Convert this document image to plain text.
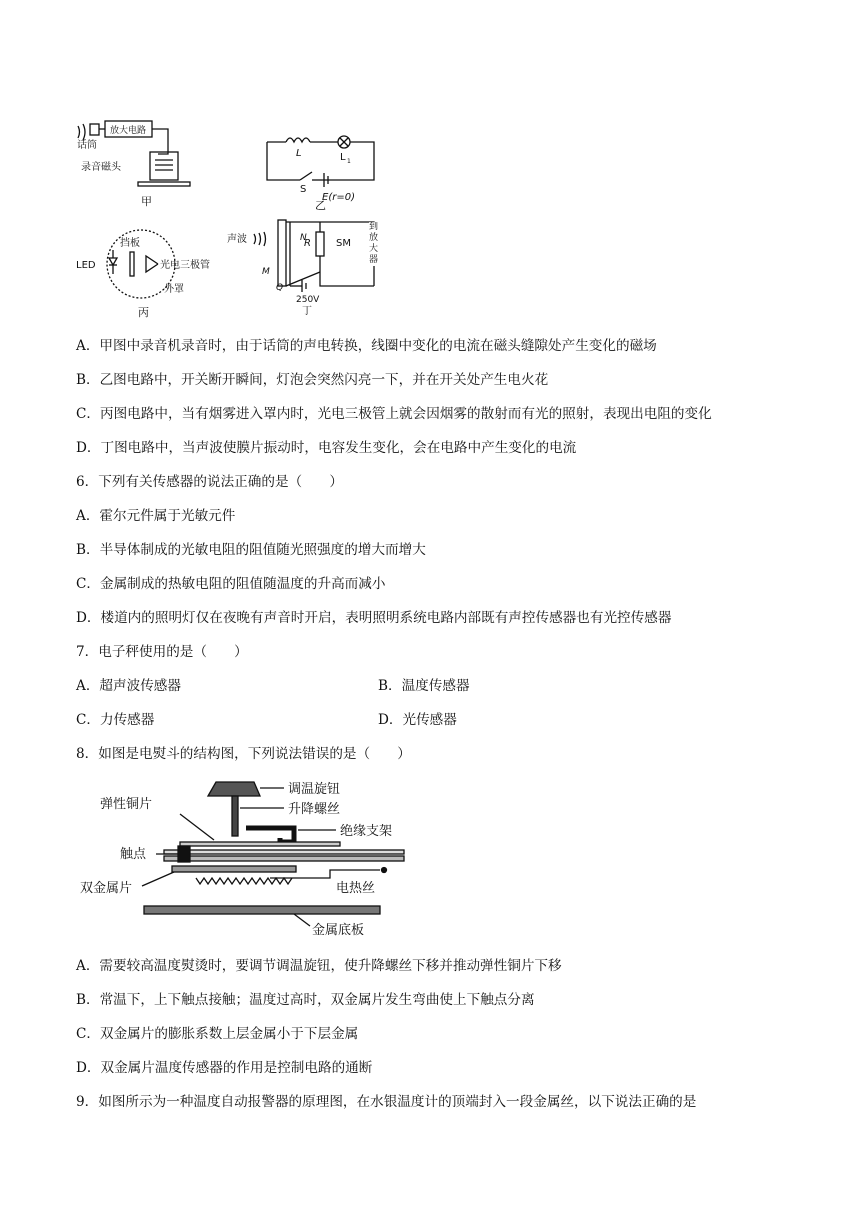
放大电路
话筒
录音磁头
甲
L	L 1
S
E(r=0)
乙
LED
挡板
光电三极管
外罩
丙
声波	R	SM
N
M
Q
250V
丁
到放大器
A．甲图中录音机录音时，由于话筒的声电转换，线圈中变化的电流在磁头缝隙处产生变化的磁场
B．乙图电路中，开关断开瞬间，灯泡会突然闪亮一下，并在开关处产生电火花
C．丙图电路中，当有烟雾进入罩内时，光电三极管上就会因烟雾的散射而有光的照射，表现出电阻的变化
D．丁图电路中，当声波使膜片振动时，电容发生变化，会在电路中产生变化的电流
6．下列有关传感器的说法正确的是（　　）
A．霍尔元件属于光敏元件
B．半导体制成的光敏电阻的阻值随光照强度的增大而增大
C．金属制成的热敏电阻的阻值随温度的升高而减小
D．楼道内的照明灯仅在夜晚有声音时开启，表明照明系统电路内部既有声控传感器也有光控传感器
7．电子秤使用的是（　　）
A．超声波传感器	B．温度传感器
C．力传感器	D．光传感器
8．如图是电熨斗的结构图，下列说法错误的是（　　）
调温旋钮
升降螺丝
绝缘支架
弹性铜片
触点
双金属片	电热丝
金属底板
A．需要较高温度熨烫时，要调节调温旋钮，使升降螺丝下移并推动弹性铜片下移
B．常温下，上下触点接触；温度过高时，双金属片发生弯曲使上下触点分离
C．双金属片的膨胀系数上层金属小于下层金属
D．双金属片温度传感器的作用是控制电路的通断
9．如图所示为一种温度自动报警器的原理图，在水银温度计的顶端封入一段金属丝，以下说法正确的是
